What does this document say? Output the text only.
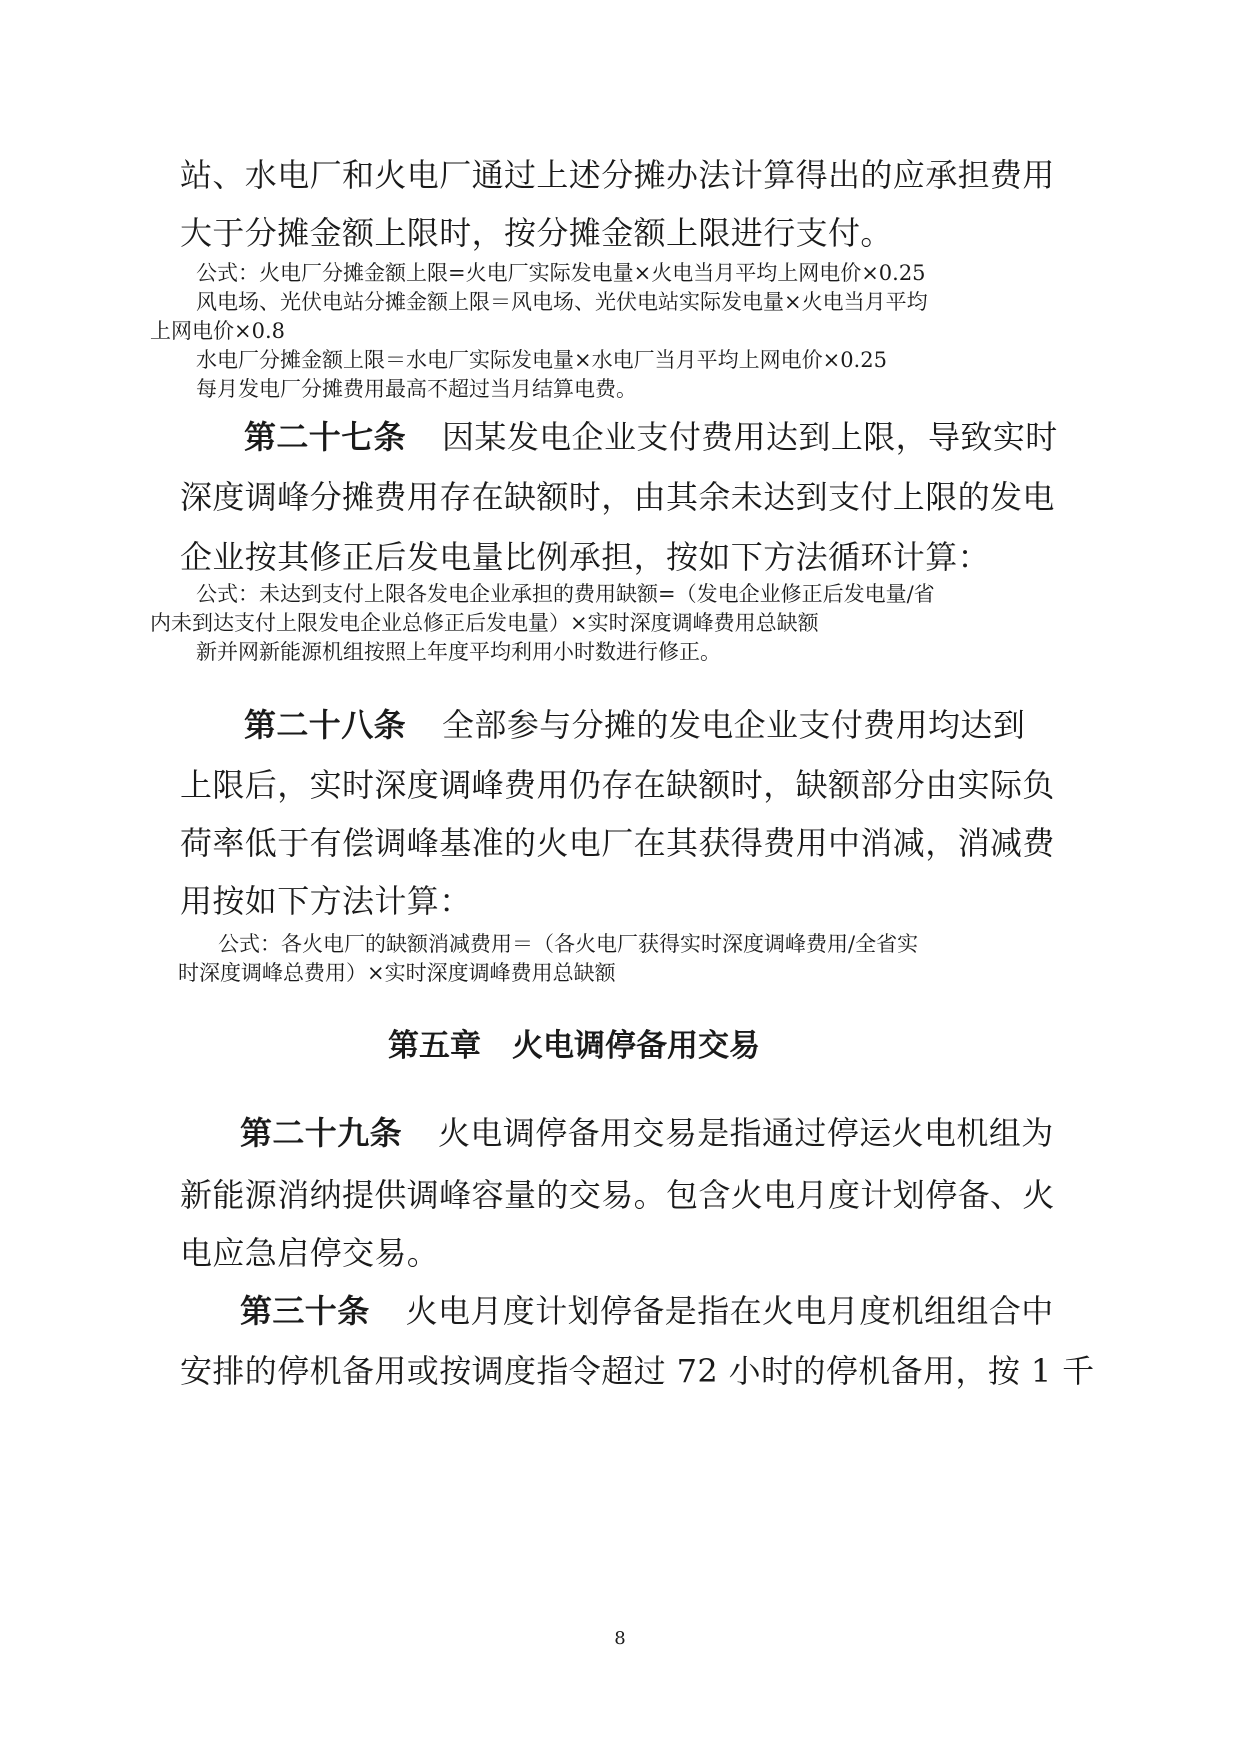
站、水电厂和火电厂通过上述分摊办法计算得出的应承担费用
大于分摊金额上限时，按分摊金额上限进行支付。
公式：火电厂分摊金额上限=火电厂实际发电量×火电当月平均上网电价×0.25
风电场、光伏电站分摊金额上限＝风电场、光伏电站实际发电量×火电当月平均
上网电价×0.8
水电厂分摊金额上限＝水电厂实际发电量×水电厂当月平均上网电价×0.25
每月发电厂分摊费用最高不超过当月结算电费。
第二十七条 因某发电企业支付费用达到上限，导致实时
深度调峰分摊费用存在缺额时，由其余未达到支付上限的发电
企业按其修正后发电量比例承担，按如下方法循环计算：
公式：未达到支付上限各发电企业承担的费用缺额=（发电企业修正后发电量/省
内未到达支付上限发电企业总修正后发电量）×实时深度调峰费用总缺额
新并网新能源机组按照上年度平均利用小时数进行修正。
第二十八条 全部参与分摊的发电企业支付费用均达到
上限后，实时深度调峰费用仍存在缺额时，缺额部分由实际负
荷率低于有偿调峰基准的火电厂在其获得费用中消减，消减费
用按如下方法计算：
公式：各火电厂的缺额消减费用＝（各火电厂获得实时深度调峰费用/全省实
时深度调峰总费用）×实时深度调峰费用总缺额
第五章　火电调停备用交易
第二十九条 火电调停备用交易是指通过停运火电机组为
新能源消纳提供调峰容量的交易。包含火电月度计划停备、火
电应急启停交易。
第三十条 火电月度计划停备是指在火电月度机组组合中
安排的停机备用或按调度指令超过 72 小时的停机备用，按 1 千
8
